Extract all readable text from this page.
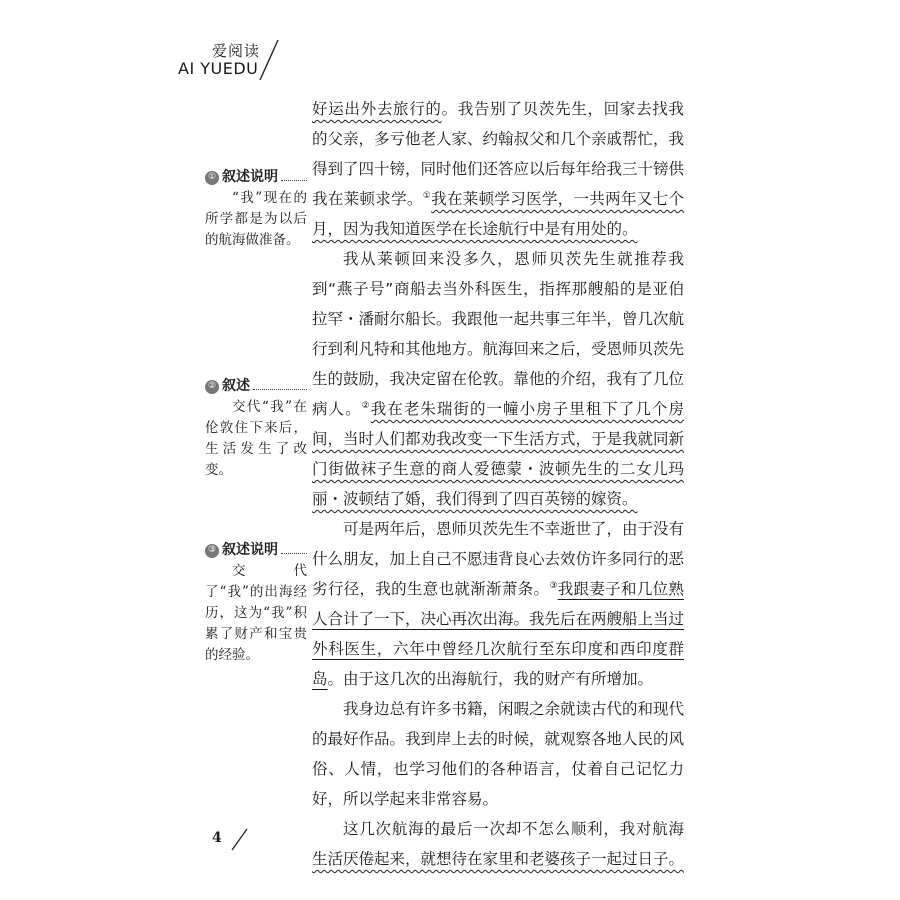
爱阅读
AI YUEDU
① 叙述说明
“我”现在的所学都是为以后的航海做准备。
② 叙述
交代“我”在伦敦住下来后，生活发生了改变。
③ 叙述说明
交代了“我”的出海经历，这为“我”积累了财产和宝贵的经验。

好运出外去旅行的。我告别了贝茨先生，回家去找我的父亲，多亏他老人家、约翰叔父和几个亲戚帮忙，我得到了四十镑，同时他们还答应以后每年给我三十镑供我在莱顿求学。①我在莱顿学习医学，一共两年又七个月，因为我知道医学在长途航行中是有用处的。

我从莱顿回来没多久，恩师贝茨先生就推荐我到“燕子号”商船去当外科医生，指挥那艘船的是亚伯拉罕・潘耐尔船长。我跟他一起共事三年半，曾几次航行到利凡特和其他地方。航海回来之后，受恩师贝茨先生的鼓励，我决定留在伦敦。靠他的介绍，我有了几位病人。②我在老朱瑞街的一幢小房子里租下了几个房间，当时人们都劝我改变一下生活方式，于是我就同新门街做袜子生意的商人爱德蒙・波顿先生的二女儿玛丽・波顿结了婚，我们得到了四百英镑的嫁资。

可是两年后，恩师贝茨先生不幸逝世了，由于没有什么朋友，加上自己不愿违背良心去效仿许多同行的恶劣行径，我的生意也就渐渐萧条。③我跟妻子和几位熟人合计了一下，决心再次出海。我先后在两艘船上当过外科医生，六年中曾经几次航行至东印度和西印度群岛。由于这几次的出海航行，我的财产有所增加。

我身边总有许多书籍，闲暇之余就读古代的和现代的最好作品。我到岸上去的时候，就观察各地人民的风俗、人情，也学习他们的各种语言，仗着自己记忆力好，所以学起来非常容易。

这几次航海的最后一次却不怎么顺利，我对航海生活厌倦起来，就想待在家里和老婆孩子一起过日子。

4
